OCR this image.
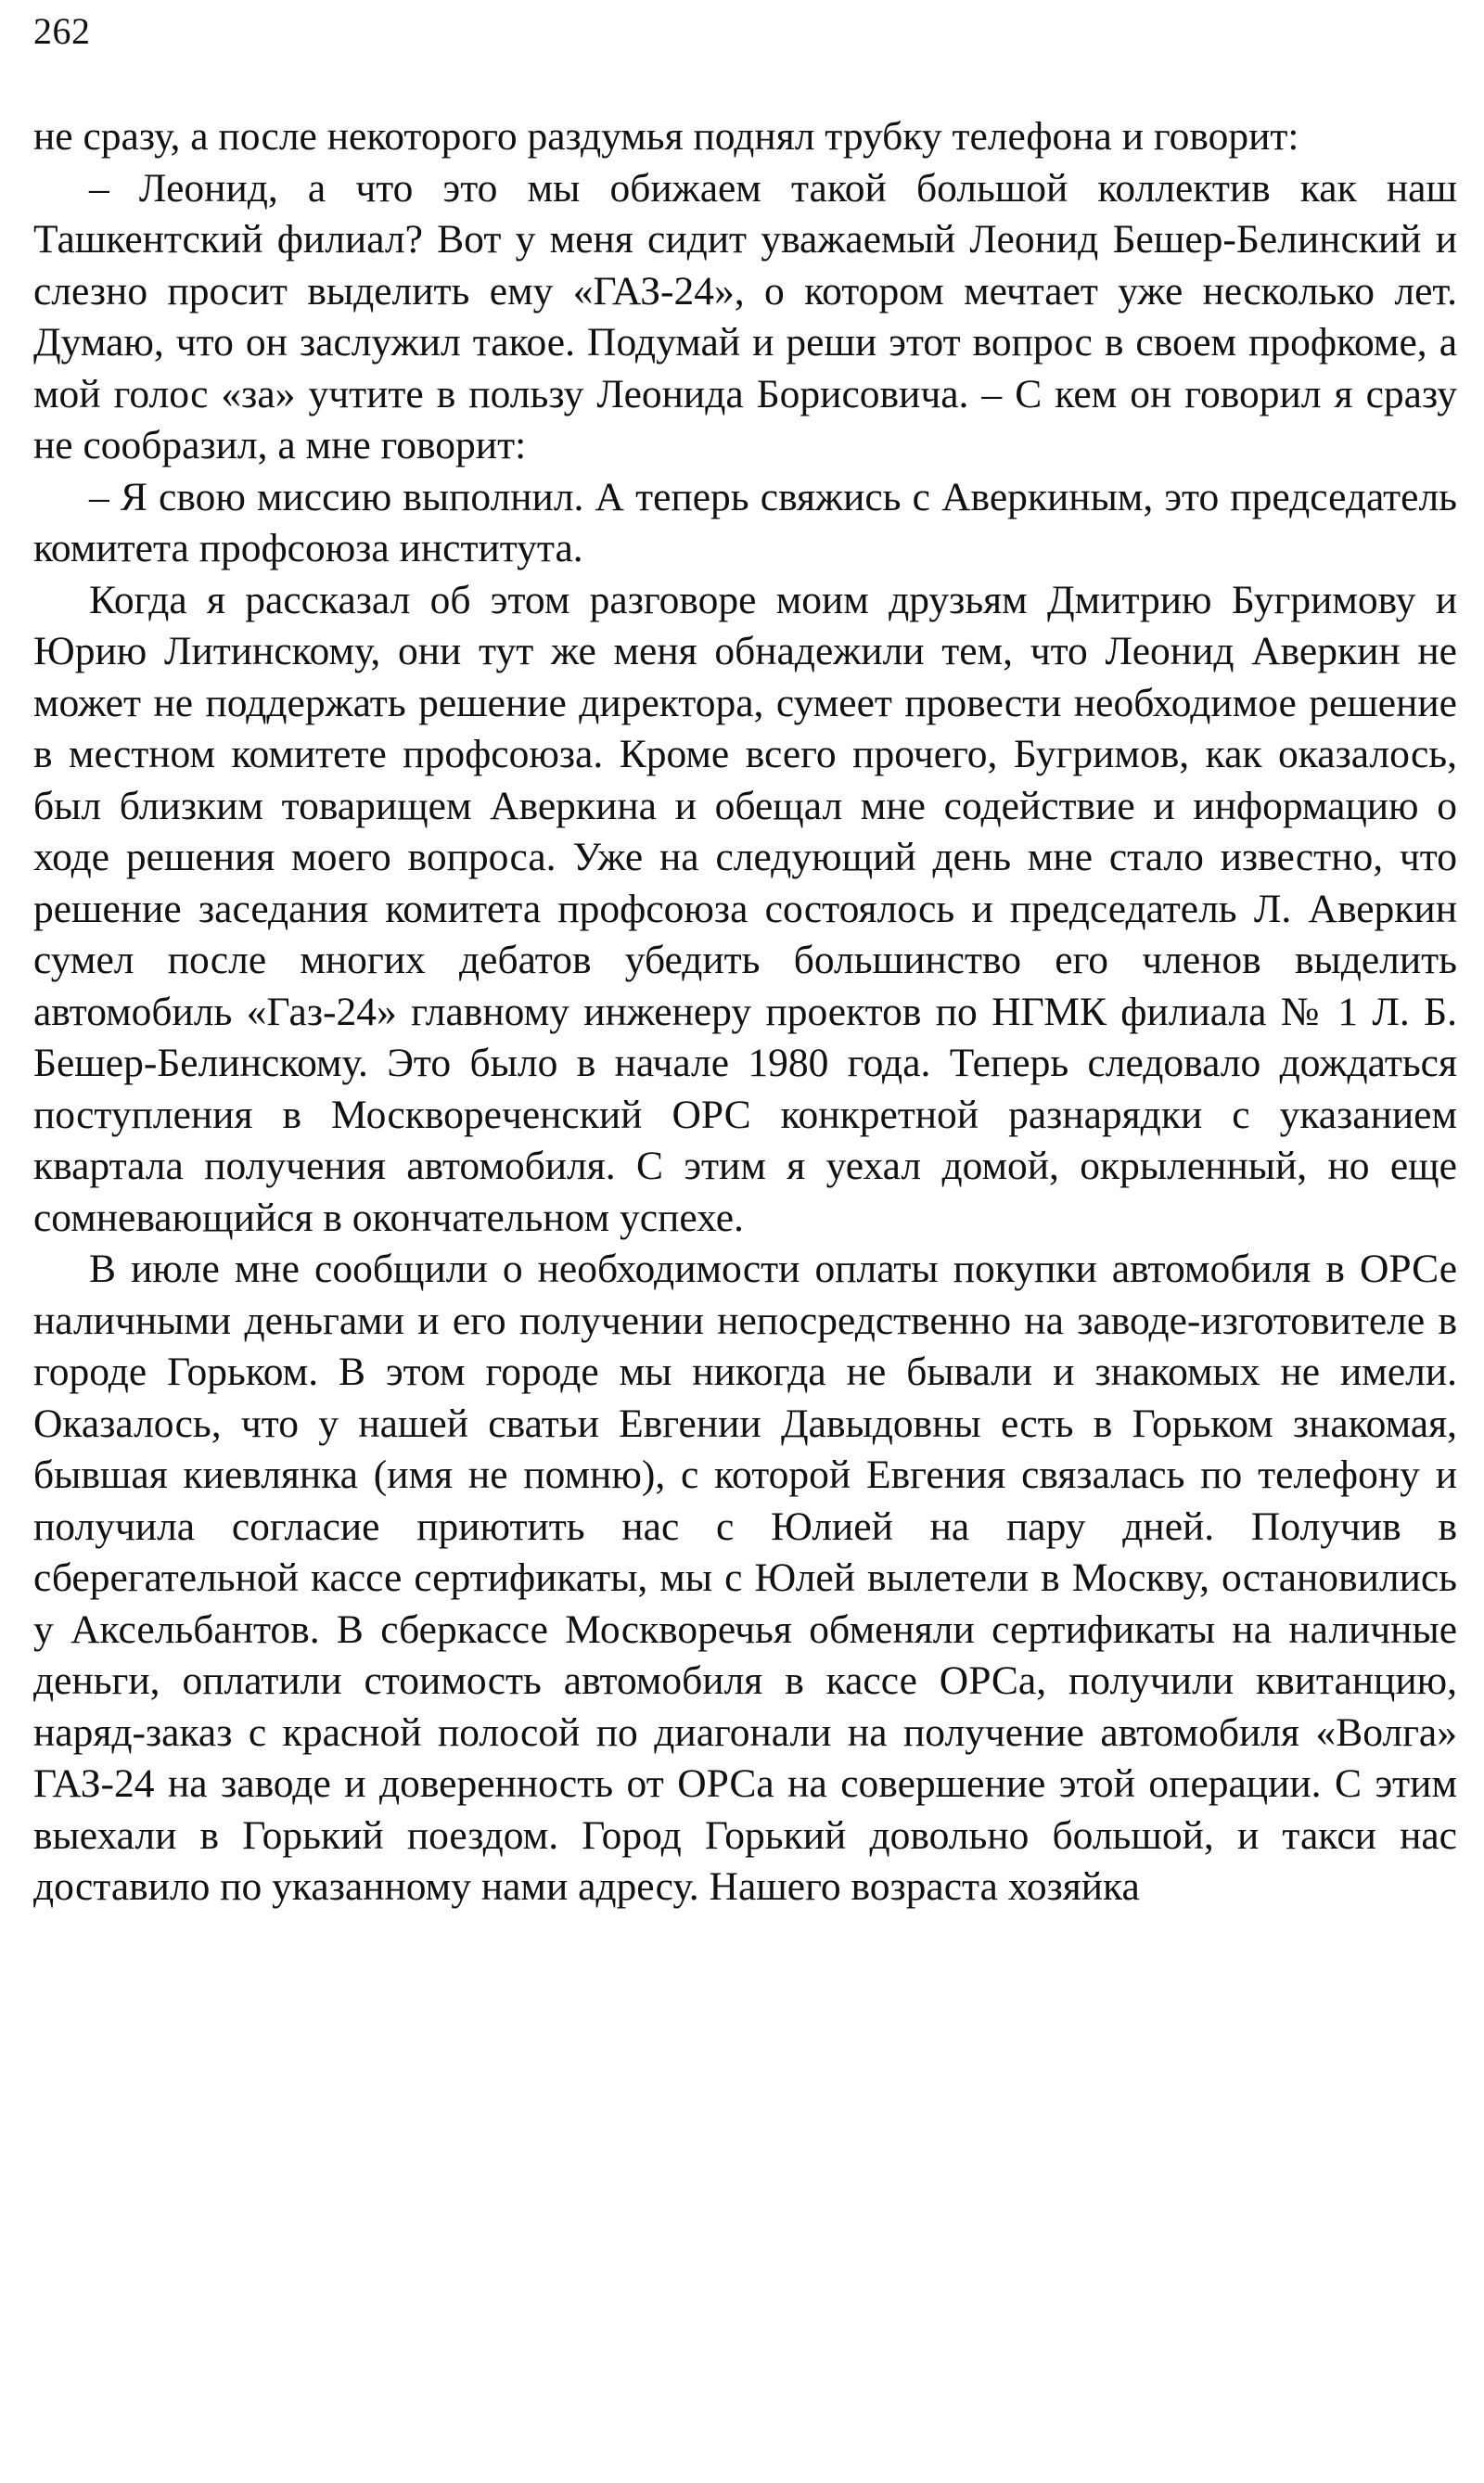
262

не сразу, а после некоторого раздумья поднял трубку телефона и говорит:

– Леонид, а что это мы обижаем такой большой коллектив как наш Ташкентский филиал? Вот у меня сидит уважаемый Леонид Бешер-Белинский и слезно просит выделить ему «ГАЗ-24», о котором мечтает уже несколько лет. Думаю, что он заслужил такое. Подумай и реши этот вопрос в своем профкоме, а мой голос «за» учтите в пользу Леонида Борисовича. – С кем он говорил я сразу не сообразил, а мне говорит:

– Я свою миссию выполнил. А теперь свяжись с Аверкиным, это председатель комитета профсоюза института.

Когда я рассказал об этом разговоре моим друзьям Дмитрию Бугримову и Юрию Литинскому, они тут же меня обнадежили тем, что Леонид Аверкин не может не поддержать решение директора, сумеет провести необходимое решение в местном комитете профсоюза. Кроме всего прочего, Бугримов, как оказалось, был близким товарищем Аверкина и обещал мне содействие и информацию о ходе решения моего вопроса. Уже на следующий день мне стало известно, что решение заседания комитета профсоюза состоялось и председатель Л. Аверкин сумел после многих дебатов убедить большинство его членов выделить автомобиль «Газ-24» главному инженеру проектов по НГМК филиала № 1 Л. Б. Бешер-Белинскому. Это было в начале 1980 года. Теперь следовало дождаться поступления в Москворeченский ОРС конкретной разнарядки с указанием квартала получения автомобиля. С этим я уехал домой, окрыленный, но еще сомневающийся в окончательном успехе.

В июле мне сообщили о необходимости оплаты покупки автомобиля в ОРСе наличными деньгами и его получении непосредственно на заводе-изготовителе в городе Горьком. В этом городе мы никогда не бывали и знакомых не имели. Оказалось, что у нашей сватьи Евгении Давыдовны есть в Горьком знакомая, бывшая киевлянка (имя не помню), с которой Евгения связалась по телефону и получила согласие приютить нас с Юлией на пару дней. Получив в сберегательной кассе сертификаты, мы с Юлей вылетели в Москву, остановились у Аксельбантов. В сберкассе Москворечья обменяли сертификаты на наличные деньги, оплатили стоимость автомобиля в кассе ОРСа, получили квитанцию, наряд-заказ с красной полосой по диагонали на получение автомобиля «Волга» ГАЗ-24 на заводе и доверенность от ОРСа на совершение этой операции. С этим выехали в Горький поездом. Город Горький довольно большой, и такси нас доставило по указанному нами адресу. Нашего возраста хозяйка
